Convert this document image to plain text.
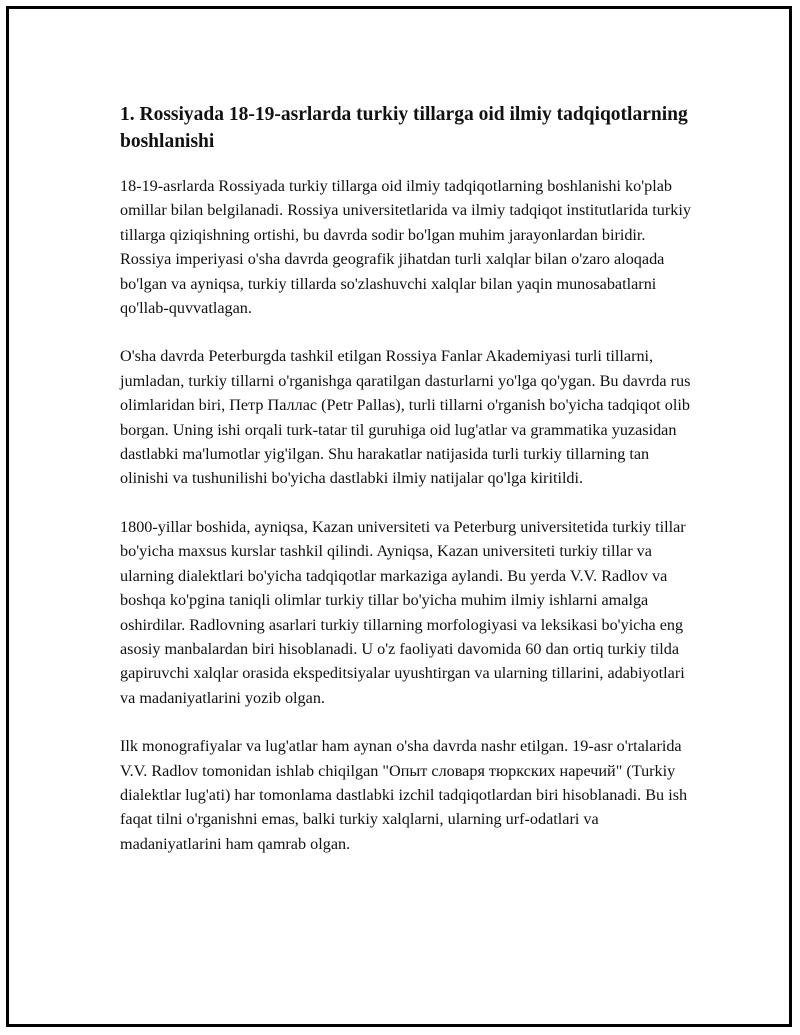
1. Rossiyada 18-19-asrlarda turkiy tillarga oid ilmiy tadqiqotlarning boshlanishi

18-19-asrlarda Rossiyada turkiy tillarga oid ilmiy tadqiqotlarning boshlanishi ko'plab omillar bilan belgilanadi. Rossiya universitetlarida va ilmiy tadqiqot institutlarida turkiy tillarga qiziqishning ortishi, bu davrda sodir bo'lgan muhim jarayonlardan biridir. Rossiya imperiyasi o'sha davrda geografik jihatdan turli xalqlar bilan o'zaro aloqada bo'lgan va ayniqsa, turkiy tillarda so'zlashuvchi xalqlar bilan yaqin munosabatlarni qo'llab-quvvatlagan.

O'sha davrda Peterburgda tashkil etilgan Rossiya Fanlar Akademiyasi turli tillarni, jumladan, turkiy tillarni o'rganishga qaratilgan dasturlarni yo'lga qo'ygan. Bu davrda rus olimlaridan biri, Петр Паллас (Petr Pallas), turli tillarni o'rganish bo'yicha tadqiqot olib borgan. Uning ishi orqali turk-tatar til guruhiga oid lug'atlar va grammatika yuzasidan dastlabki ma'lumotlar yig'ilgan. Shu harakatlar natijasida turli turkiy tillarning tan olinishi va tushunilishi bo'yicha dastlabki ilmiy natijalar qo'lga kiritildi.

1800-yillar boshida, ayniqsa, Kazan universiteti va Peterburg universitetida turkiy tillar bo'yicha maxsus kurslar tashkil qilindi. Ayniqsa, Kazan universiteti turkiy tillar va ularning dialektlari bo'yicha tadqiqotlar markaziga aylandi. Bu yerda V.V. Radlov va boshqa ko'pgina taniqli olimlar turkiy tillar bo'yicha muhim ilmiy ishlarni amalga oshirdilar. Radlovning asarlari turkiy tillarning morfologiyasi va leksikasi bo'yicha eng asosiy manbalardan biri hisoblanadi. U o'z faoliyati davomida 60 dan ortiq turkiy tilda gapiruvchi xalqlar orasida ekspeditsiyalar uyushtirgan va ularning tillarini, adabiyotlari va madaniyatlarini yozib olgan.

Ilk monografiyalar va lug'atlar ham aynan o'sha davrda nashr etilgan. 19-asr o'rtalarida V.V. Radlov tomonidan ishlab chiqilgan "Опыт словаря тюркских наречий" (Turkiy dialektlar lug'ati) har tomonlama dastlabki izchil tadqiqotlardan biri hisoblanadi. Bu ish faqat tilni o'rganishni emas, balki turkiy xalqlarni, ularning urf-odatlari va madaniyatlarini ham qamrab olgan.
